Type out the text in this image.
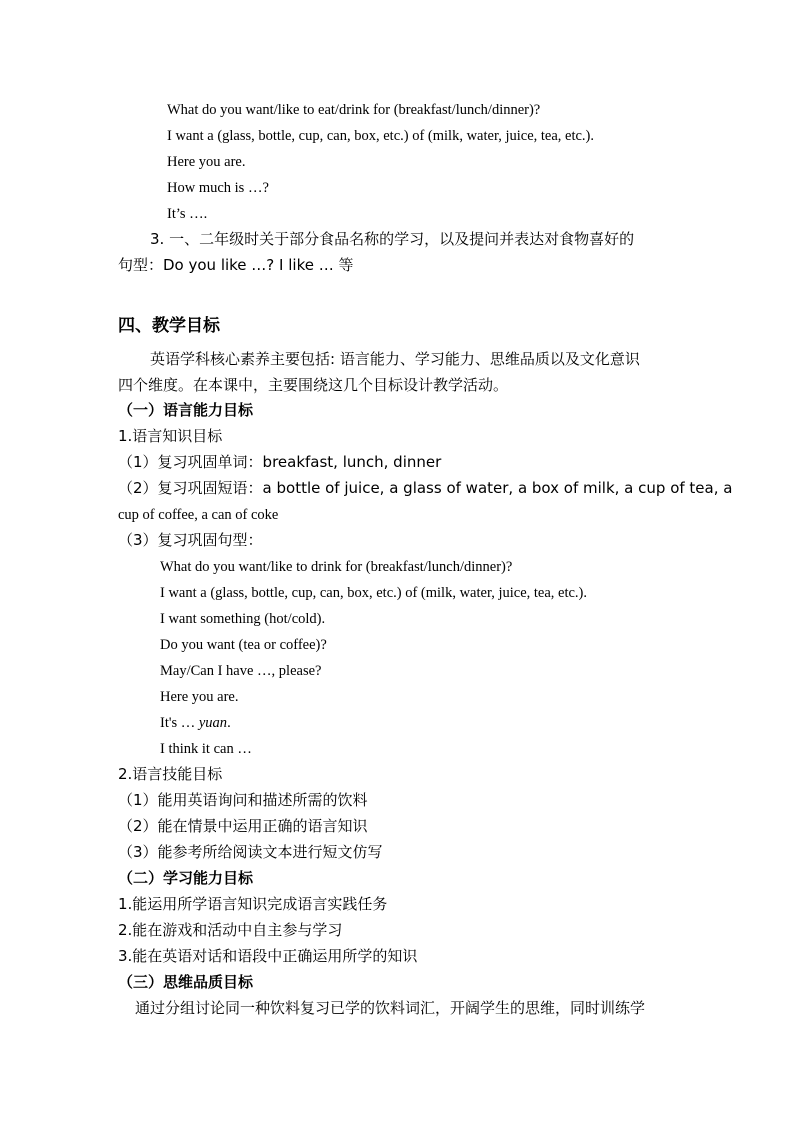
What do you want/like to eat/drink for (breakfast/lunch/dinner)?
I want a (glass, bottle, cup, can, box, etc.) of (milk, water, juice, tea, etc.).
Here you are.
How much is …?
It’s ….
3. 一、二年级时关于部分食品名称的学习，以及提问并表达对食物喜好的
句型：Do you like …? I like … 等
四、教学目标
英语学科核心素养主要包括: 语言能力、学习能力、思维品质以及文化意识
四个维度。在本课中，主要围绕这几个目标设计教学活动。
（一）语言能力目标
1.语言知识目标
（1）复习巩固单词：breakfast, lunch, dinner
（2）复习巩固短语：a bottle of juice, a glass of water, a box of milk, a cup of tea, a
cup of coffee, a can of coke
（3）复习巩固句型：
What do you want/like to drink for (breakfast/lunch/dinner)?
I want a (glass, bottle, cup, can, box, etc.) of (milk, water, juice, tea, etc.).
I want something (hot/cold).
Do you want (tea or coffee)?
May/Can I have …, please?
Here you are.
It's … yuan.
I think it can …
2.语言技能目标
（1）能用英语询问和描述所需的饮料
（2）能在情景中运用正确的语言知识
（3）能参考所给阅读文本进行短文仿写
（二）学习能力目标
1.能运用所学语言知识完成语言实践任务
2.能在游戏和活动中自主参与学习
3.能在英语对话和语段中正确运用所学的知识
（三）思维品质目标
通过分组讨论同一种饮料复习已学的饮料词汇，开阔学生的思维，同时训练学
